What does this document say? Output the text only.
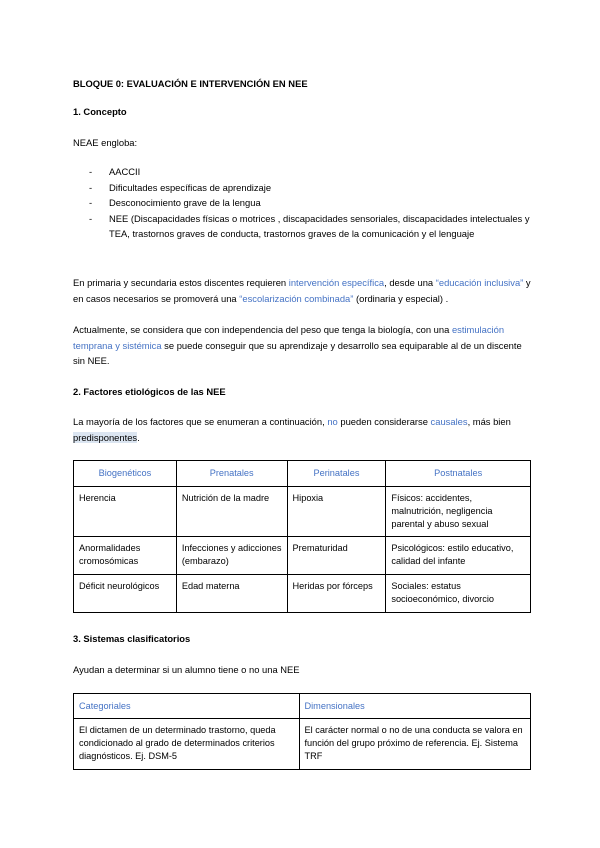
BLOQUE 0: EVALUACIÓN E INTERVENCIÓN EN NEE

1. Concepto

NEAE engloba:

- AACCII
- Dificultades específicas de aprendizaje
- Desconocimiento grave de la lengua
- NEE (Discapacidades físicas o motrices , discapacidades sensoriales, discapacidades intelectuales y TEA, trastornos graves de conducta, trastornos graves de la comunicación y el lenguaje

En primaria y secundaria estos discentes requieren intervención específica, desde una “educación inclusiva” y en casos necesarios se promoverá una “escolarización combinada” (ordinaria y especial) .

Actualmente, se considera que con independencia del peso que tenga la biología, con una estimulación temprana y sistémica se puede conseguir que su aprendizaje y desarrollo sea equiparable al de un discente sin NEE.

2. Factores etiológicos de las NEE

La mayoría de los factores que se enumeran a continuación, no pueden considerarse causales, más bien predisponentes.

Biogenéticos	Prenatales	Perinatales	Postnatales
Herencia	Nutrición de la madre	Hipoxia	Físicos: accidentes, malnutrición, negligencia parental y abuso sexual
Anormalidades cromosómicas	Infecciones y adicciones (embarazo)	Prematuridad	Psicológicos: estilo educativo, calidad del infante
Déficit neurológicos	Edad materna	Heridas por fórceps	Sociales: estatus socioeconómico, divorcio

3. Sistemas clasificatorios

Ayudan a determinar si un alumno tiene o no una NEE

Categoriales	Dimensionales
El dictamen de un determinado trastorno, queda condicionado al grado de determinados criterios diagnósticos. Ej. DSM-5	El carácter normal o no de una conducta se valora en función del grupo próximo de referencia. Ej. Sistema TRF
